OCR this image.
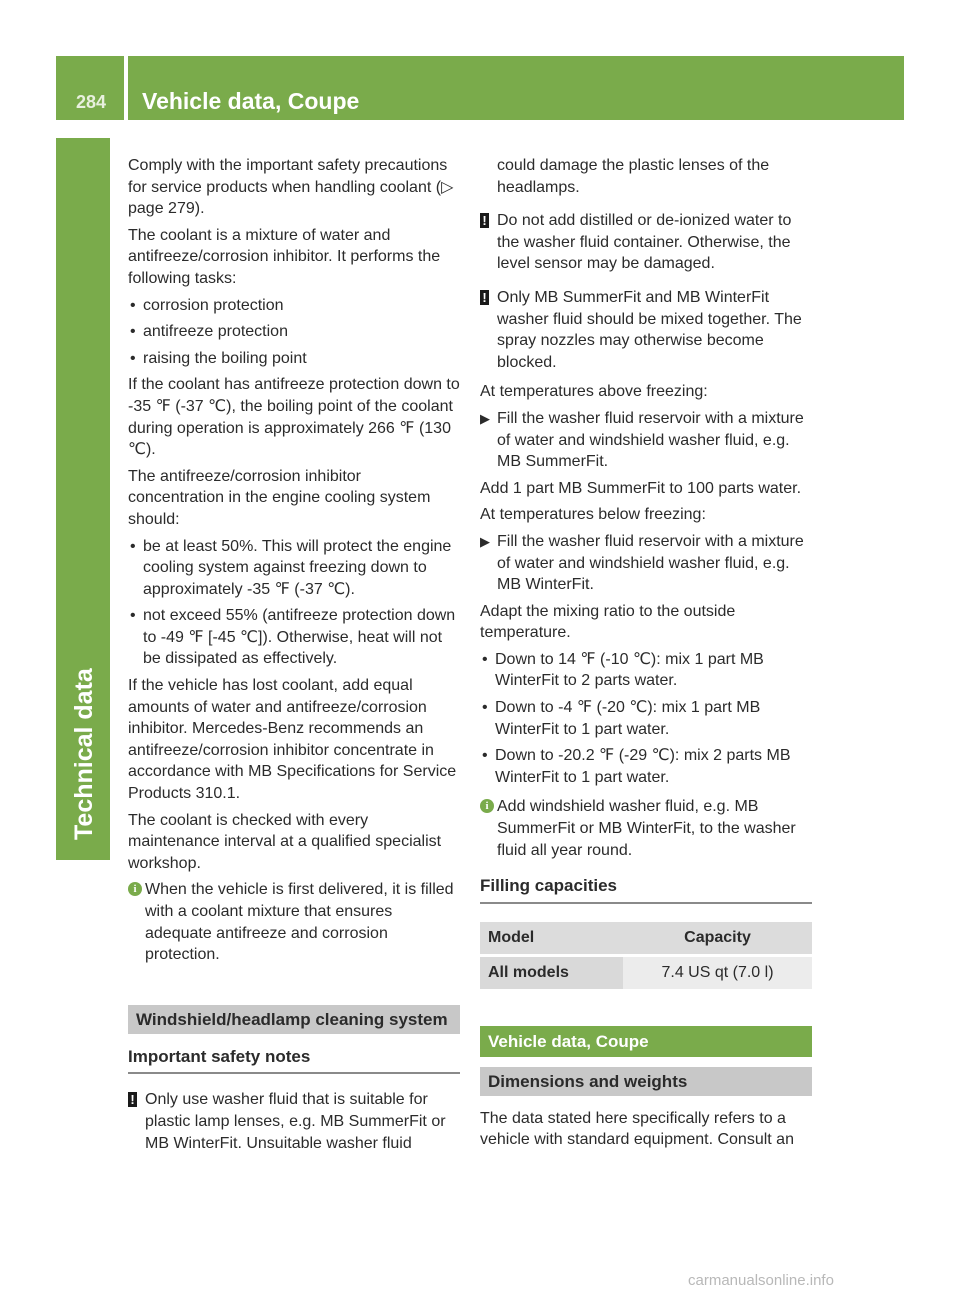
284	Vehicle data, Coupe

Comply with the important safety precautions for service products when handling coolant (▷ page 279).

The coolant is a mixture of water and antifreeze/corrosion inhibitor. It performs the following tasks:

• corrosion protection
• antifreeze protection
• raising the boiling point

If the coolant has antifreeze protection down to -35 ℉ (-37 ℃), the boiling point of the coolant during operation is approximately 266 ℉ (130 ℃).

The antifreeze/corrosion inhibitor concentration in the engine cooling system should:

• be at least 50%. This will protect the engine cooling system against freezing down to approximately -35 ℉ (-37 ℃).
• not exceed 55% (antifreeze protection down to -49 ℉ [-45 ℃]). Otherwise, heat will not be dissipated as effectively.

If the vehicle has lost coolant, add equal amounts of water and antifreeze/corrosion inhibitor. Mercedes-Benz recommends an antifreeze/corrosion inhibitor concentrate in accordance with MB Specifications for Service Products 310.1.

The coolant is checked with every maintenance interval at a qualified specialist workshop.

i When the vehicle is first delivered, it is filled with a coolant mixture that ensures adequate antifreeze and corrosion protection.
Windshield/headlamp cleaning system
Important safety notes
! Only use washer fluid that is suitable for plastic lamp lenses, e.g. MB SummerFit or MB WinterFit. Unsuitable washer fluid

could damage the plastic lenses of the headlamps.

! Do not add distilled or de-ionized water to the washer fluid container. Otherwise, the level sensor may be damaged.
! Only MB SummerFit and MB WinterFit washer fluid should be mixed together. The spray nozzles may otherwise become blocked.

At temperatures above freezing:

▶ Fill the washer fluid reservoir with a mixture of water and windshield washer fluid, e.g. MB SummerFit.

Add 1 part MB SummerFit to 100 parts water.

At temperatures below freezing:

▶ Fill the washer fluid reservoir with a mixture of water and windshield washer fluid, e.g. MB WinterFit.

Adapt the mixing ratio to the outside temperature.

• Down to 14 ℉ (-10 ℃): mix 1 part MB WinterFit to 2 parts water.
• Down to -4 ℉ (-20 ℃): mix 1 part MB WinterFit to 1 part water.
• Down to -20.2 ℉ (-29 ℃): mix 2 parts MB WinterFit to 1 part water.
i Add windshield washer fluid, e.g. MB SummerFit or MB WinterFit, to the washer fluid all year round.
Filling capacities
Model	Capacity
All models	7.4 US qt (7.0 l)
Vehicle data, Coupe
Dimensions and weights

The data stated here specifically refers to a vehicle with standard equipment. Consult an

carmanualsonline.info
